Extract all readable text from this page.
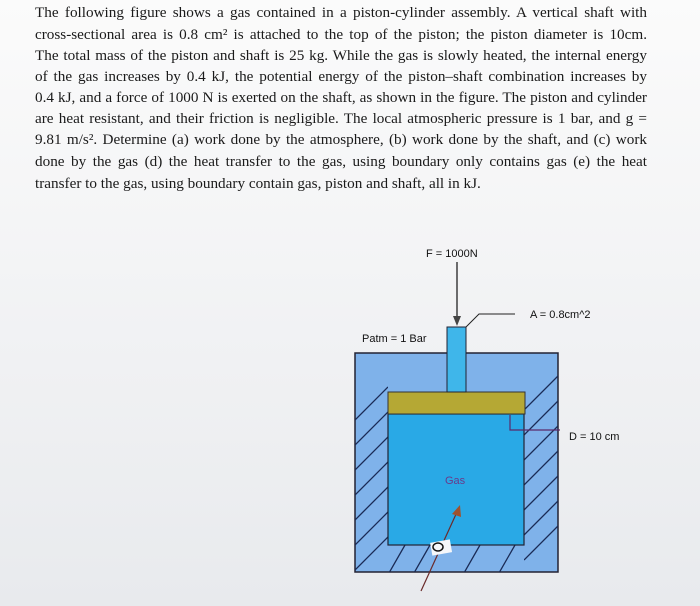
The following figure shows a gas contained in a piston-cylinder assembly. A vertical shaft with
cross-sectional area is 0.8 cm² is attached to the top of the piston; the piston diameter is 10cm.
The total mass of the piston and shaft is 25 kg. While the gas is slowly heated, the internal energy
of the gas increases by 0.4 kJ, the potential energy of the piston–shaft combination increases by
0.4 kJ, and a force of 1000 N is exerted on the shaft, as shown in the figure. The piston and cylinder
are heat resistant, and their friction is negligible. The local atmospheric pressure is 1 bar, and g =
9.81 m/s². Determine (a) work done by the atmosphere, (b) work done by the shaft, and (c) work
done by the gas (d) the heat transfer to the gas, using boundary only contains gas (e) the heat
transfer to the gas, using boundary contain gas, piston and shaft, all in kJ.
F = 1000N
A = 0.8cm^2
Patm = 1 Bar
D = 10 cm
Gas
